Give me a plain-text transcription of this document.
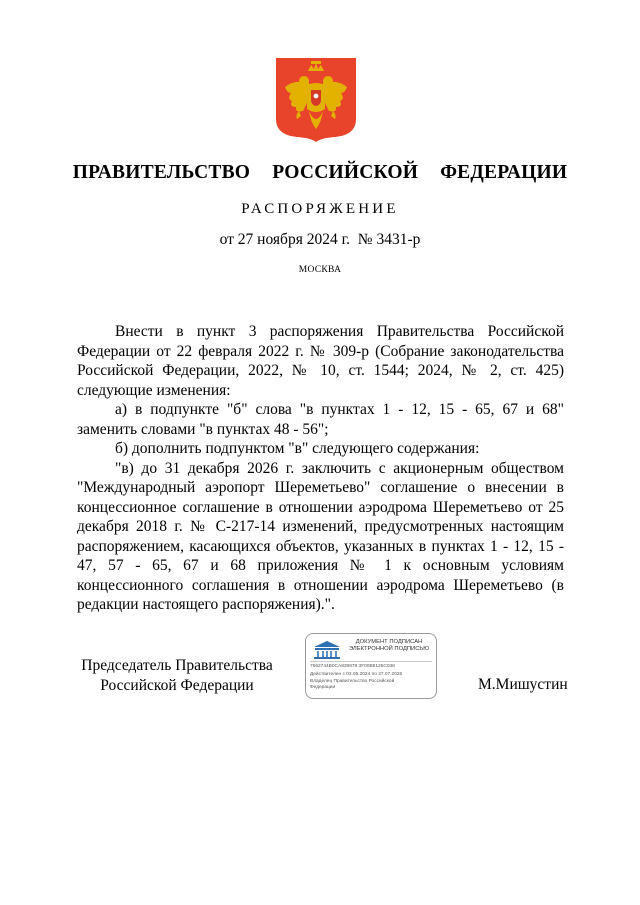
ПРАВИТЕЛЬСТВО  РОССИЙСКОЙ  ФЕДЕРАЦИИ
РАСПОРЯЖЕНИЕ
от 27 ноября 2024 г.  № 3431-р
МОСКВА

Внести в пункт 3 распоряжения Правительства Российской Федерации от 22 февраля 2022 г. № 309-р (Собрание законодательства Российской Федерации, 2022, № 10, ст. 1544; 2024, № 2, ст. 425) следующие изменения:

а) в подпункте "б" слова "в пунктах 1 - 12, 15 - 65, 67 и 68" заменить словами "в пунктах 48 - 56";

б) дополнить подпунктом "в" следующего содержания:

"в) до 31 декабря 2026 г. заключить с акционерным обществом "Международный аэропорт Шереметьево" соглашение о внесении в концессионное соглашение в отношении аэродрома Шереметьево от 25 декабря 2018 г. № С-217-14 изменений, предусмотренных настоящим распоряжением, касающихся объектов, указанных в пунктах 1 - 12, 15 - 47, 57 - 65, 67 и 68 приложения № 1 к основным условиям концессионного соглашения в отношении аэродрома Шереметьево (в редакции настоящего распоряжения).".

Председатель Правительства
Российской Федерации
ДОКУМЕНТ ПОДПИСАН
ЭЛЕКТРОННОЙ ПОДПИСЬЮ
7662744B0CA839978 3F00B8125C038
Действителен с 03.05.2024 по 27.07.2025
Владелец Правительство Российской
Федерации	М.Мишустин
